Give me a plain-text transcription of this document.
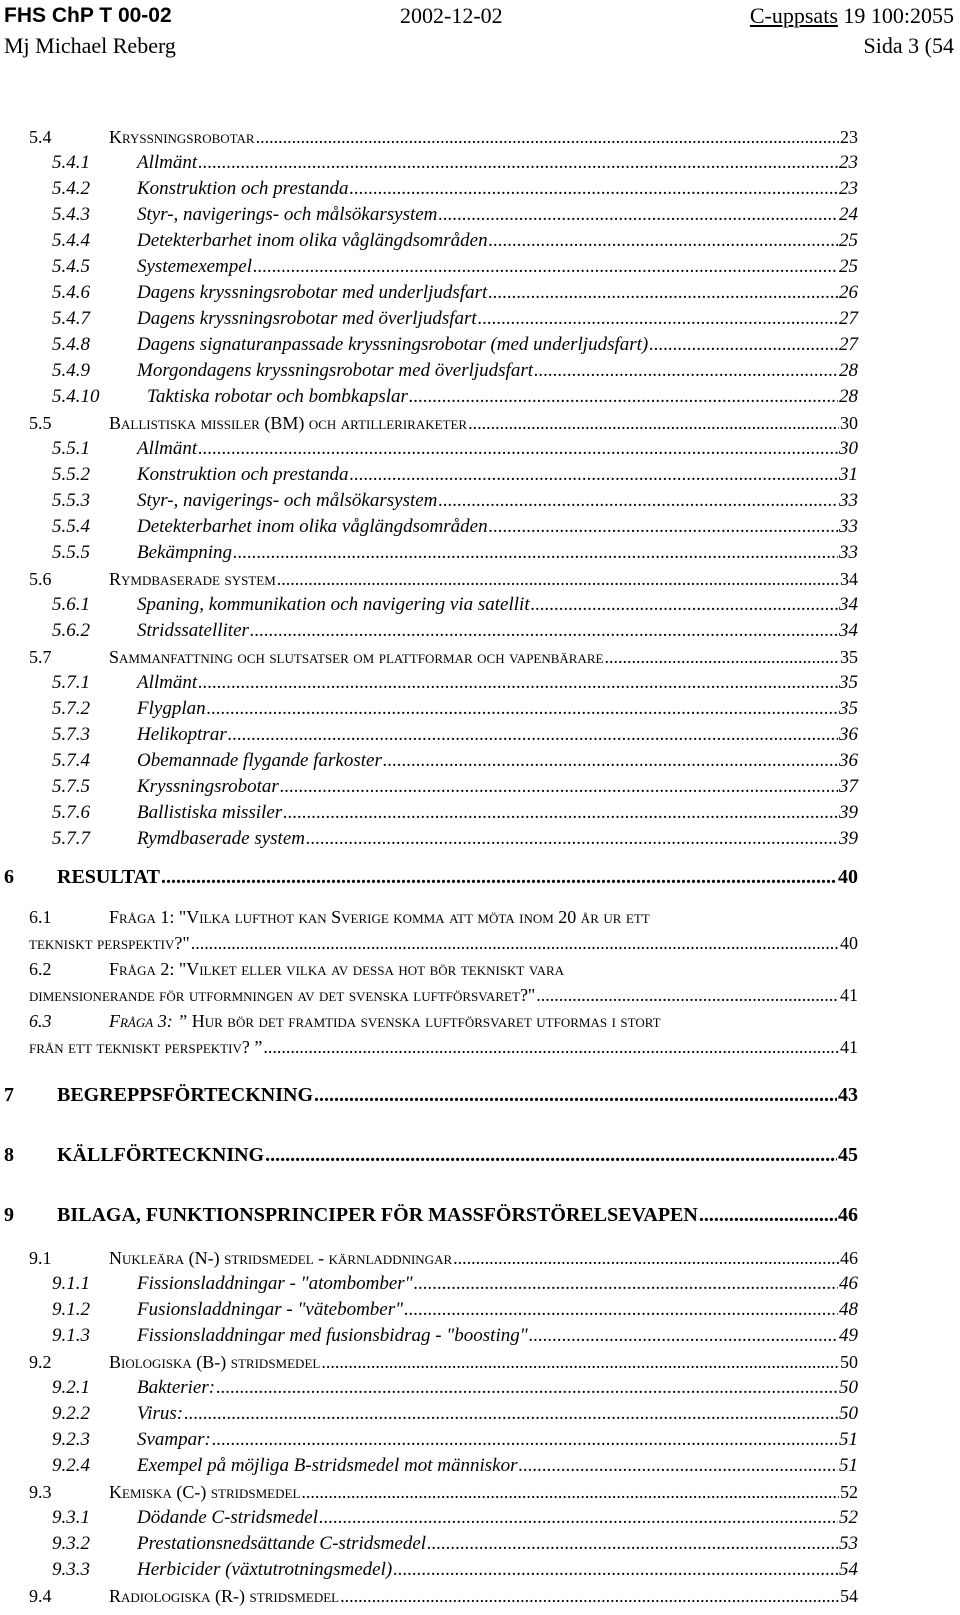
FHS ChP T 00-02	2002-12-02	C-uppsats 19 100:2055
Mj Michael Reberg	Sida 3 (54
5.4	Kryssningsrobotar .....	23
5.4.1 Allmänt .....	23
5.4.2 Konstruktion och prestanda .....	23
5.4.3 Styr-, navigerings- och målsökarsystem .....	24
5.4.4 Detekterbarhet inom olika våglängdsområden .....	25
5.4.5 Systemexempel .....	25
5.4.6 Dagens kryssningsrobotar med underljudsfart .....	26
5.4.7 Dagens kryssningsrobotar med överljudsfart .....	27
5.4.8 Dagens signaturanpassade kryssningsrobotar (med underljudsfart) .....	27
5.4.9 Morgondagens kryssningsrobotar med överljudsfart .....	28
5.4.10	Taktiska robotar och bombkapslar .....	28
5.5	Ballistiska missiler (BM) och artilleriraketer .....	30
5.5.1 Allmänt .....	30
5.5.2 Konstruktion och prestanda .....	31
5.5.3 Styr-, navigerings- och målsökarsystem .....	33
5.5.4 Detekterbarhet inom olika våglängdsområden .....	33
5.5.5 Bekämpning .....	33
5.6	Rymdbaserade system .....	34
5.6.1 Spaning, kommunikation och navigering via satellit .....	34
5.6.2 Stridssatelliter .....	34
5.7	Sammanfattning och slutsatser om plattformar och vapenbärare .....	35
5.7.1 Allmänt .....	35
5.7.2 Flygplan .....	35
5.7.3 Helikoptrar .....	36
5.7.4 Obemannade flygande farkoster .....	36
5.7.5 Kryssningsrobotar .....	37
5.7.6 Ballistiska missiler .....	39
5.7.7 Rymdbaserade system .....	39
6 RESULTAT .....	40
6.1	Fråga 1: "Vilka lufthot kan Sverige komma att möta inom 20 år ur ett
tekniskt perspektiv?" .....	40
6.2	Fråga 2: "Vilket eller vilka av dessa hot bör tekniskt vara
dimensionerande för utformningen av det svenska luftförsvaret?" .....	41
6.3	Fråga 3: ” Hur bör det framtida svenska luftförsvaret utformas i stort
från ett tekniskt perspektiv? ” .....	41
7 BEGREPPSFÖRTECKNING .....	43
8 KÄLLFÖRTECKNING .....	45
9 BILAGA, FUNKTIONSPRINCIPER FÖR MASSFÖRSTÖRELSEVAPEN .....	46
9.1	Nukleära (N-) stridsmedel - kärnladdningar .....	46
9.1.1 Fissionsladdningar - "atombomber" .....	46
9.1.2 Fusionsladdningar - "vätebomber" .....	48
9.1.3 Fissionsladdningar med fusionsbidrag - "boosting" .....	49
9.2	Biologiska (B-) stridsmedel .....	50
9.2.1 Bakterier: .....	50
9.2.2 Virus: .....	50
9.2.3 Svampar: .....	51
9.2.4 Exempel på möjliga B-stridsmedel mot människor .....	51
9.3	Kemiska (C-) stridsmedel .....	52
9.3.1 Dödande C-stridsmedel .....	52
9.3.2 Prestationsnedsättande C-stridsmedel .....	53
9.3.3 Herbicider (växtutrotningsmedel) .....	54
9.4	Radiologiska (R-) stridsmedel .....	54
